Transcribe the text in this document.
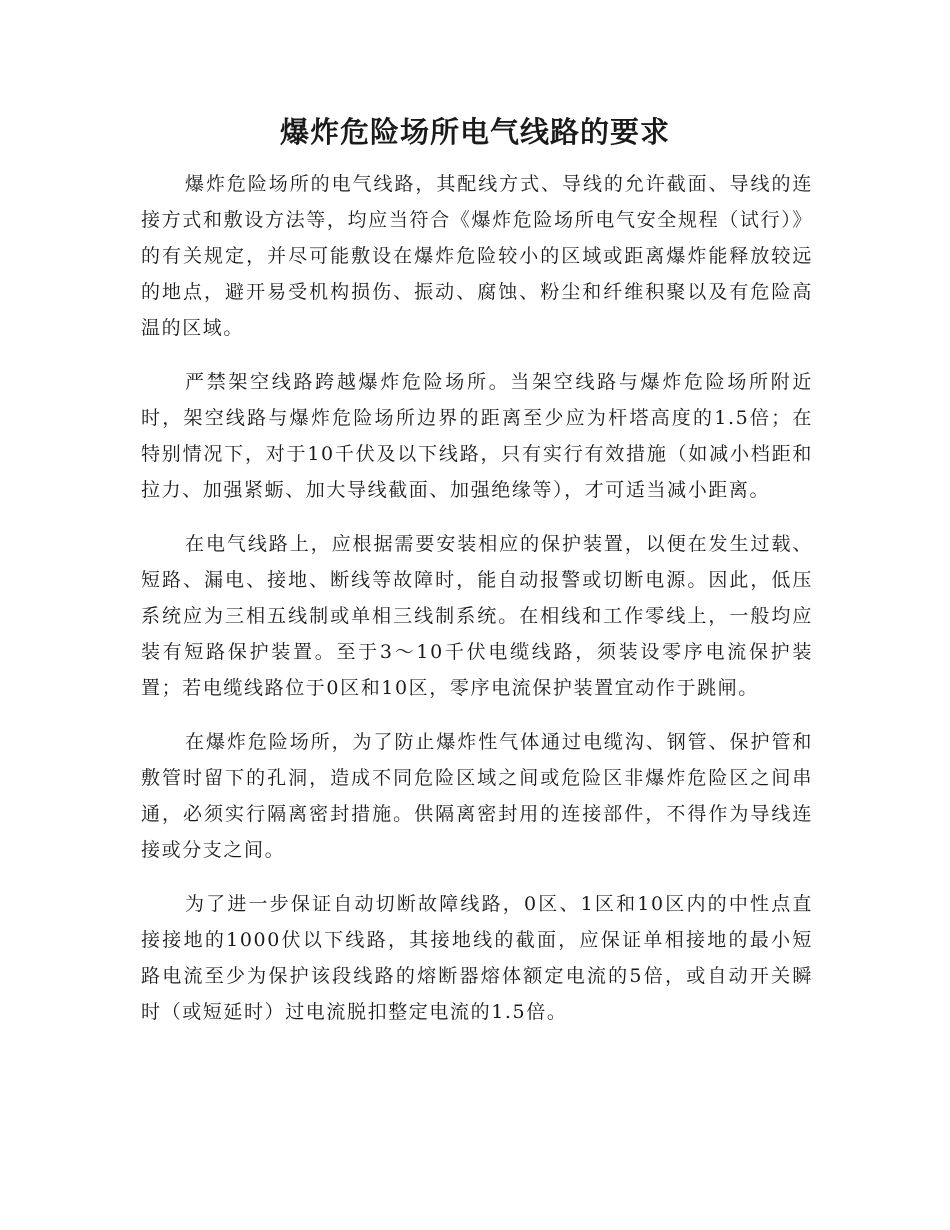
爆炸危险场所电气线路的要求

爆炸危险场所的电气线路，其配线方式、导线的允许截面、导线的连接方式和敷设方法等，均应当符合《爆炸危险场所电气安全规程（试行）》的有关规定，并尽可能敷设在爆炸危险较小的区域或距离爆炸能释放较远的地点，避开易受机构损伤、振动、腐蚀、粉尘和纤维积聚以及有危险高温的区域。

严禁架空线路跨越爆炸危险场所。当架空线路与爆炸危险场所附近时，架空线路与爆炸危险场所边界的距离至少应为杆塔高度的1.5倍；在特别情况下，对于10千伏及以下线路，只有实行有效措施（如减小档距和拉力、加强紧蛎、加大导线截面、加强绝缘等），才可适当减小距离。

在电气线路上，应根据需要安装相应的保护装置，以便在发生过载、短路、漏电、接地、断线等故障时，能自动报警或切断电源。因此，低压系统应为三相五线制或单相三线制系统。在相线和工作零线上，一般均应装有短路保护装置。至于3～10千伏电缆线路，须装设零序电流保护装置；若电缆线路位于0区和10区，零序电流保护装置宜动作于跳闸。

在爆炸危险场所，为了防止爆炸性气体通过电缆沟、钢管、保护管和敷管时留下的孔洞，造成不同危险区域之间或危险区非爆炸危险区之间串通，必须实行隔离密封措施。供隔离密封用的连接部件，不得作为导线连接或分支之间。

为了进一步保证自动切断故障线路，0区、1区和10区内的中性点直接接地的1000伏以下线路，其接地线的截面，应保证单相接地的最小短路电流至少为保护该段线路的熔断器熔体额定电流的5倍，或自动开关瞬时（或短延时）过电流脱扣整定电流的1.5倍。
